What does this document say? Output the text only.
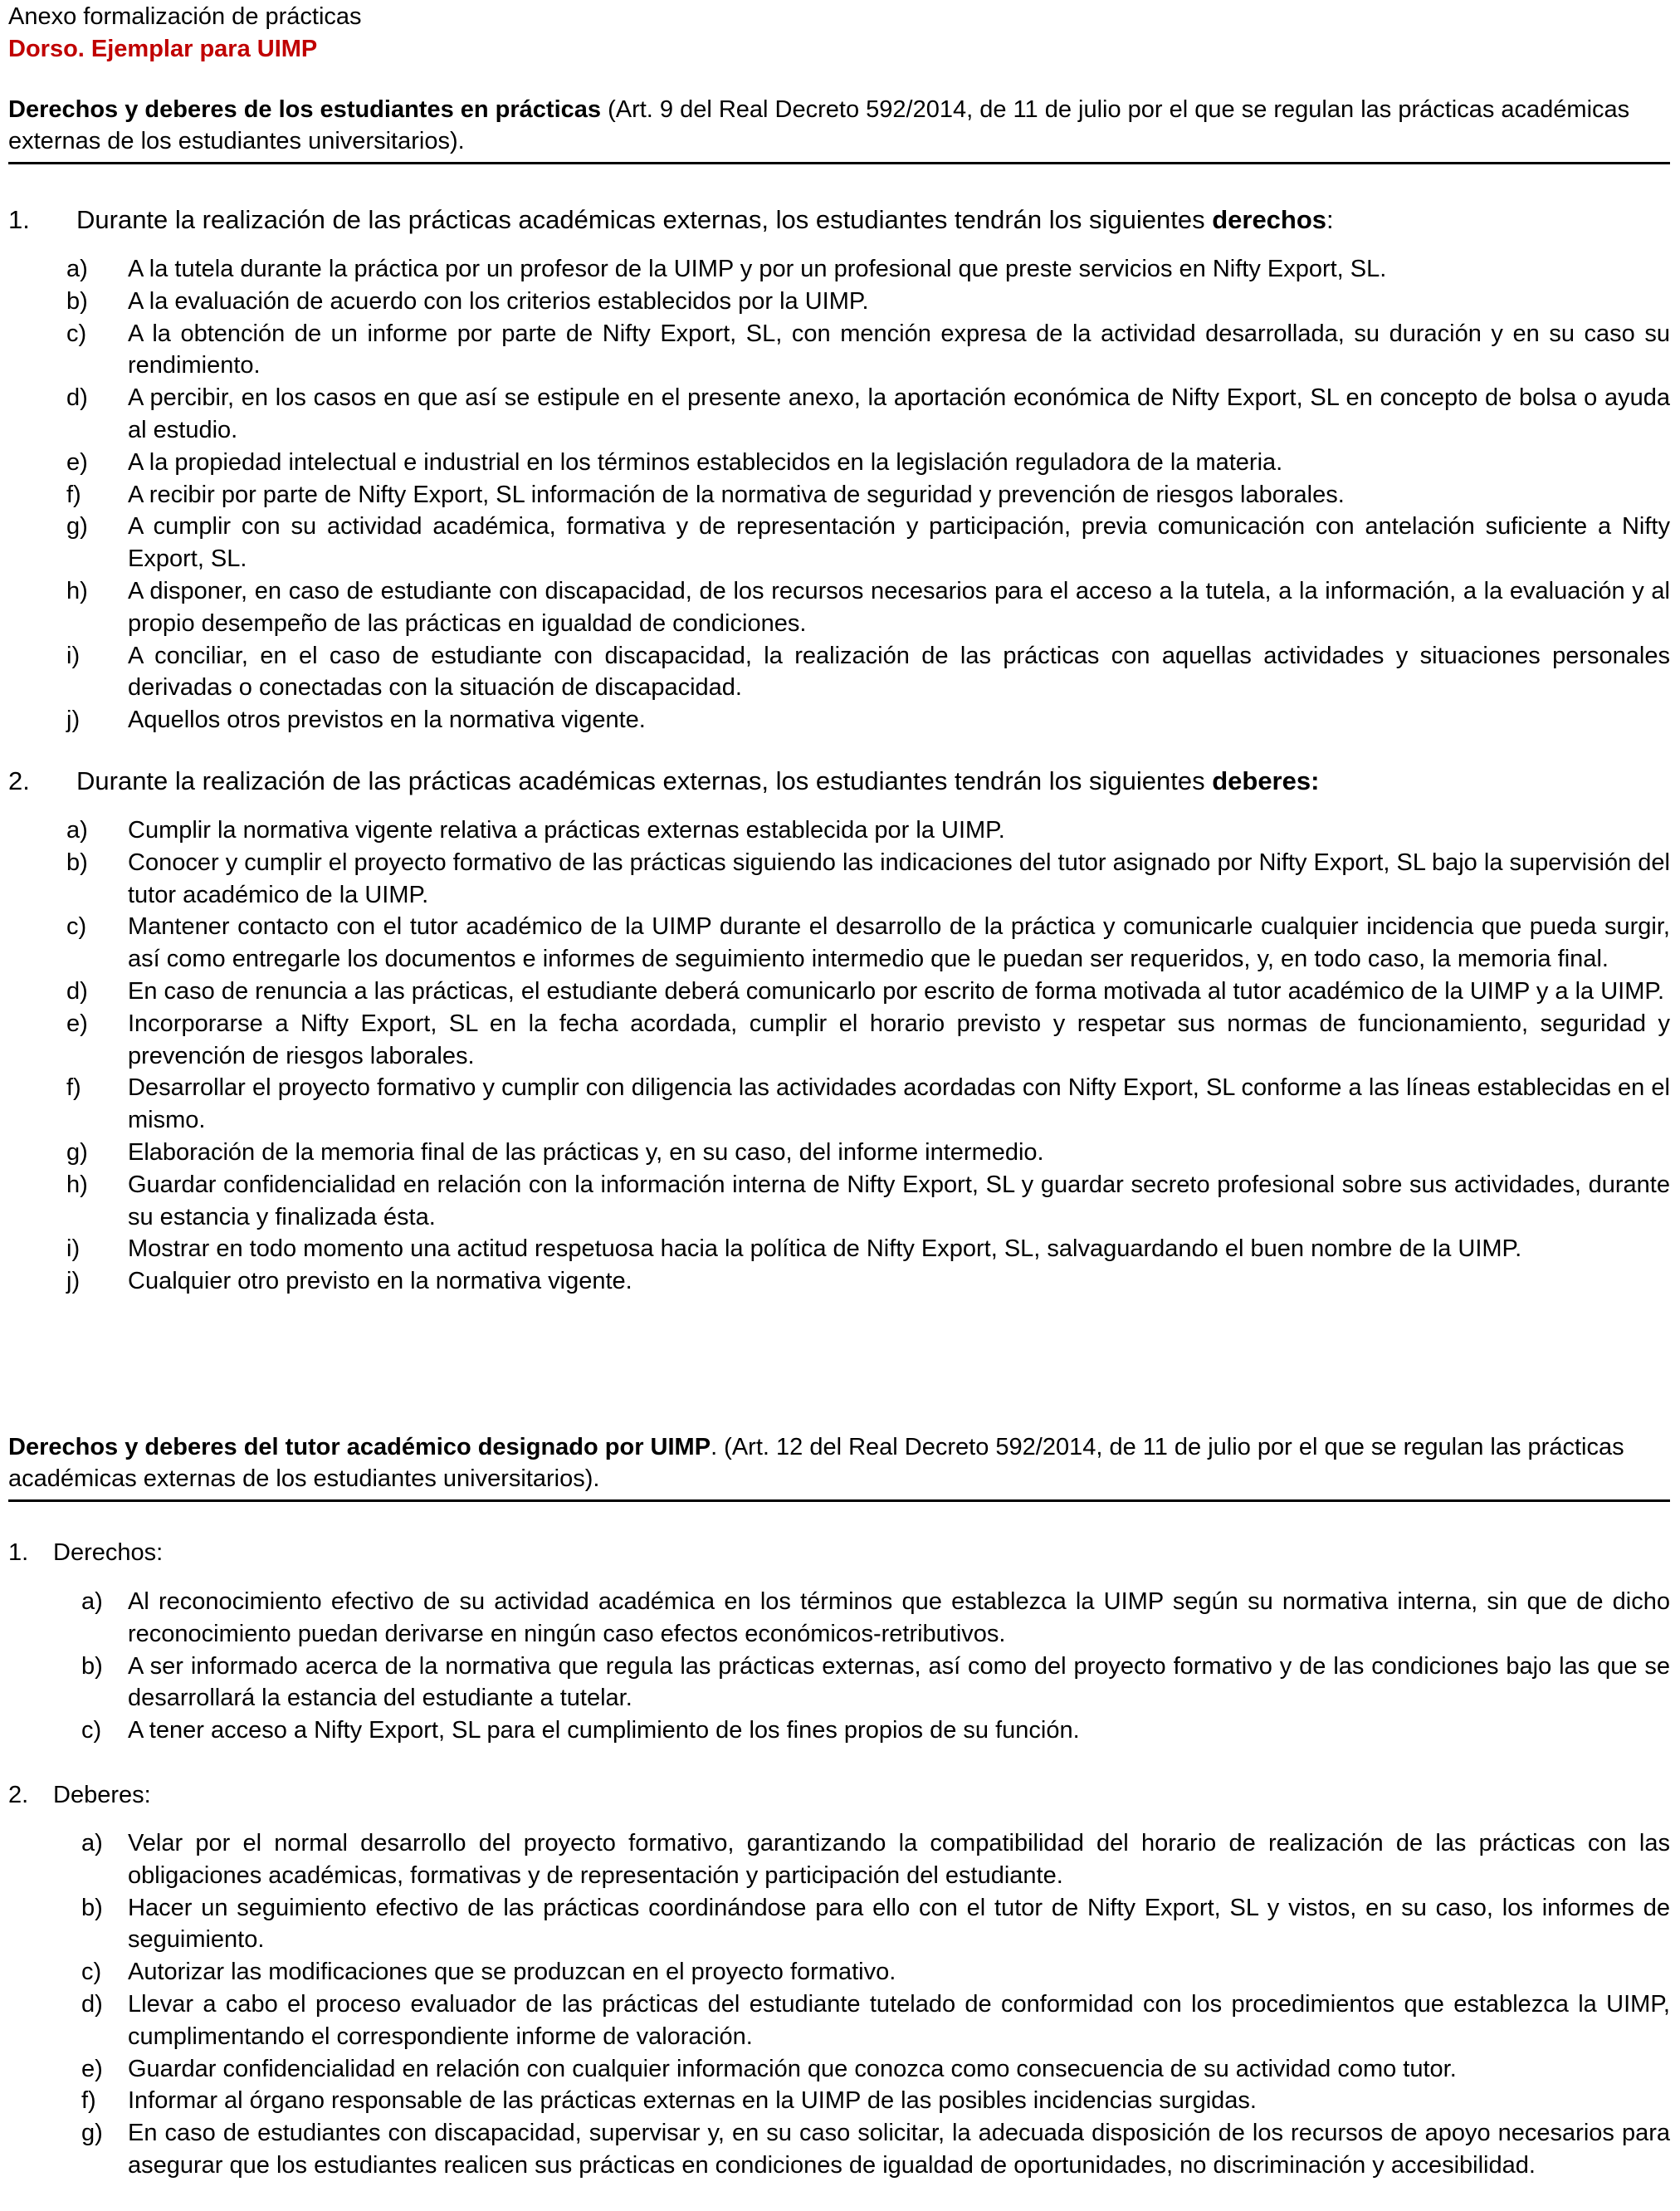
Anexo formalización de prácticas
Dorso. Ejemplar para UIMP
Derechos y deberes de los estudiantes en prácticas (Art. 9 del Real Decreto 592/2014, de 11 de julio por el que se regulan las prácticas académicas externas de los estudiantes universitarios).
1. Durante la realización de las prácticas académicas externas, los estudiantes tendrán los siguientes derechos:
a) A la tutela durante la práctica por un profesor de la UIMP y por un profesional que preste servicios en Nifty Export, SL.
b) A la evaluación de acuerdo con los criterios establecidos por la UIMP.
c) A la obtención de un informe por parte de Nifty Export, SL, con mención expresa de la actividad desarrollada, su duración y en su caso su rendimiento.
d) A percibir, en los casos en que así se estipule en el presente anexo, la aportación económica de Nifty Export, SL en concepto de bolsa o ayuda al estudio.
e) A la propiedad intelectual e industrial en los términos establecidos en la legislación reguladora de la materia.
f) A recibir por parte de Nifty Export, SL información de la normativa de seguridad y prevención de riesgos laborales.
g) A cumplir con su actividad académica, formativa y de representación y participación, previa comunicación con antelación suficiente a Nifty Export, SL.
h) A disponer, en caso de estudiante con discapacidad, de los recursos necesarios para el acceso a la tutela, a la información, a la evaluación y al propio desempeño de las prácticas en igualdad de condiciones.
i) A conciliar, en el caso de estudiante con discapacidad, la realización de las prácticas con aquellas actividades y situaciones personales derivadas o conectadas con la situación de discapacidad.
j) Aquellos otros previstos en la normativa vigente.
2. Durante la realización de las prácticas académicas externas, los estudiantes tendrán los siguientes deberes:
a) Cumplir la normativa vigente relativa a prácticas externas establecida por la UIMP.
b) Conocer y cumplir el proyecto formativo de las prácticas siguiendo las indicaciones del tutor asignado por Nifty Export, SL bajo la supervisión del tutor académico de la UIMP.
c) Mantener contacto con el tutor académico de la UIMP durante el desarrollo de la práctica y comunicarle cualquier incidencia que pueda surgir, así como entregarle los documentos e informes de seguimiento intermedio que le puedan ser requeridos, y, en todo caso, la memoria final.
d) En caso de renuncia a las prácticas, el estudiante deberá comunicarlo por escrito de forma motivada al tutor académico de la UIMP y a la UIMP.
e) Incorporarse a Nifty Export, SL en la fecha acordada, cumplir el horario previsto y respetar sus normas de funcionamiento, seguridad y prevención de riesgos laborales.
f) Desarrollar el proyecto formativo y cumplir con diligencia las actividades acordadas con Nifty Export, SL conforme a las líneas establecidas en el mismo.
g) Elaboración de la memoria final de las prácticas y, en su caso, del informe intermedio.
h) Guardar confidencialidad en relación con la información interna de Nifty Export, SL y guardar secreto profesional sobre sus actividades, durante su estancia y finalizada ésta.
i) Mostrar en todo momento una actitud respetuosa hacia la política de Nifty Export, SL, salvaguardando el buen nombre de la UIMP.
j) Cualquier otro previsto en la normativa vigente.
Derechos y deberes del tutor académico designado por UIMP. (Art. 12 del Real Decreto 592/2014, de 11 de julio por el que se regulan las prácticas académicas externas de los estudiantes universitarios).
1. Derechos:
a) Al reconocimiento efectivo de su actividad académica en los términos que establezca la UIMP según su normativa interna, sin que de dicho reconocimiento puedan derivarse en ningún caso efectos económicos-retributivos.
b) A ser informado acerca de la normativa que regula las prácticas externas, así como del proyecto formativo y de las condiciones bajo las que se desarrollará la estancia del estudiante a tutelar.
c) A tener acceso a Nifty Export, SL para el cumplimiento de los fines propios de su función.
2. Deberes:
a) Velar por el normal desarrollo del proyecto formativo, garantizando la compatibilidad del horario de realización de las prácticas con las obligaciones académicas, formativas y de representación y participación del estudiante.
b) Hacer un seguimiento efectivo de las prácticas coordinándose para ello con el tutor de Nifty Export, SL y vistos, en su caso, los informes de seguimiento.
c) Autorizar las modificaciones que se produzcan en el proyecto formativo.
d) Llevar a cabo el proceso evaluador de las prácticas del estudiante tutelado de conformidad con los procedimientos que establezca la UIMP, cumplimentando el correspondiente informe de valoración.
e) Guardar confidencialidad en relación con cualquier información que conozca como consecuencia de su actividad como tutor.
f) Informar al órgano responsable de las prácticas externas en la UIMP de las posibles incidencias surgidas.
g) En caso de estudiantes con discapacidad, supervisar y, en su caso solicitar, la adecuada disposición de los recursos de apoyo necesarios para asegurar que los estudiantes realicen sus prácticas en condiciones de igualdad de oportunidades, no discriminación y accesibilidad.
